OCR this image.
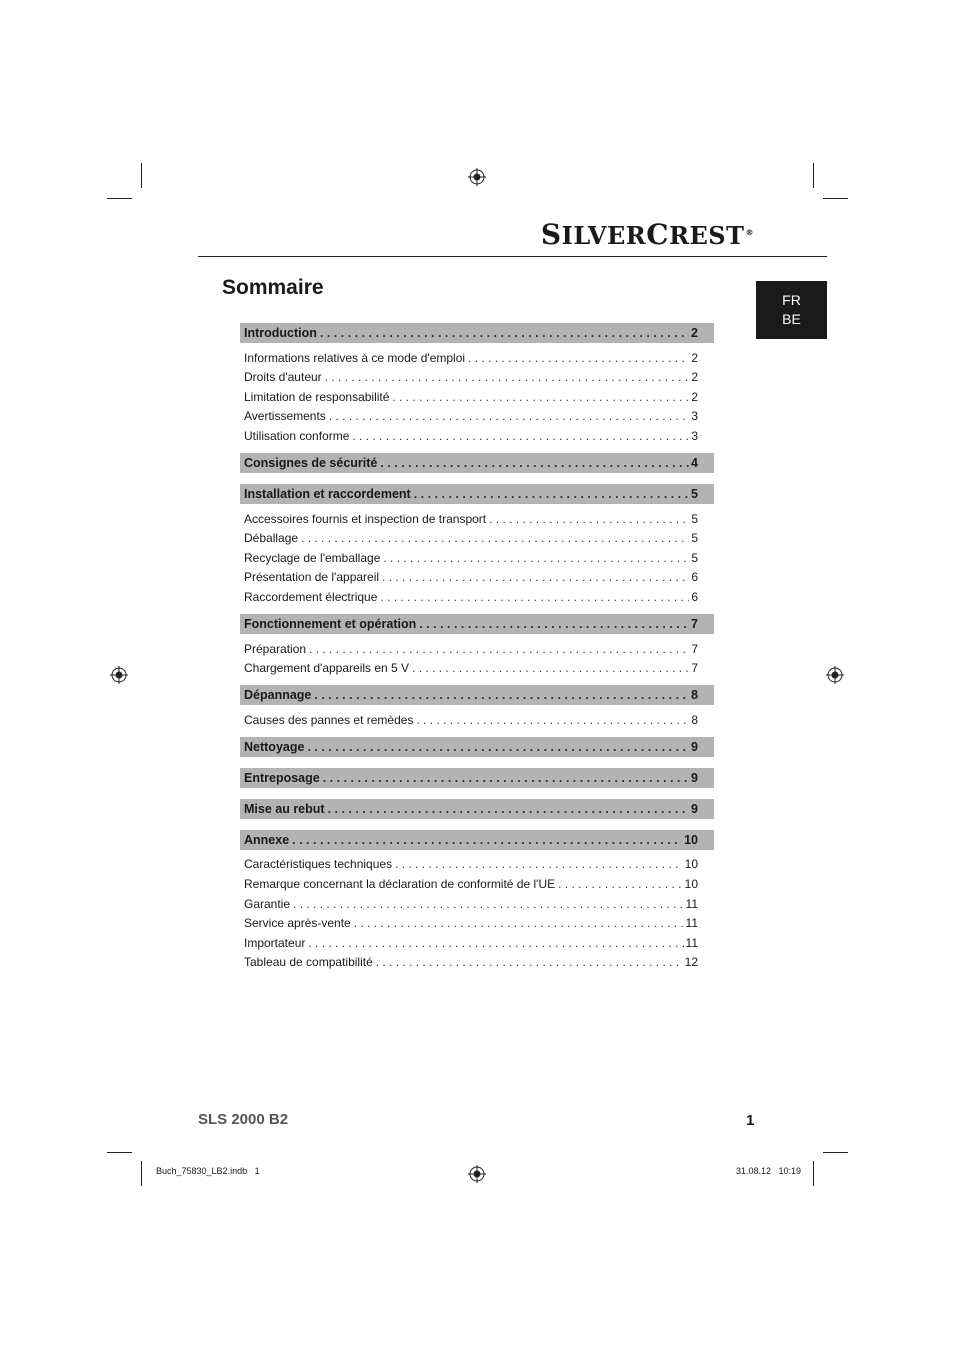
SILVERCREST®
Sommaire
FR
BE
Introduction . . .	2
Informations relatives à ce mode d'emploi . . .	2
Droits d'auteur . . .	2
Limitation de responsabilité . . .	2
Avertissements . . .	3
Utilisation conforme . . .	3
Consignes de sécurité . . .	4
Installation et raccordement . . .	5
Accessoires fournis et inspection de transport . . .	5
Déballage . . .	5
Recyclage de l'emballage . . .	5
Présentation de l'appareil . . .	6
Raccordement électrique . . .	6
Fonctionnement et opération . . .	7
Préparation . . .	7
Chargement d'appareils en 5 V . . .	7
Dépannage . . .	8
Causes des pannes et remèdes . . .	8
Nettoyage . . .	9
Entreposage . . .	9
Mise au rebut . . .	9
Annexe . . .	10
Caractéristiques techniques . . .	10
Remarque concernant la déclaration de conformité de l'UE . . .	10
Garantie . . .	11
Service après-vente . . .	11
Importateur . . .	11
Tableau de compatibilité . . .	12
SLS 2000 B2	1
Buch_75830_LB2.indb   1	31.08.12   10:19
